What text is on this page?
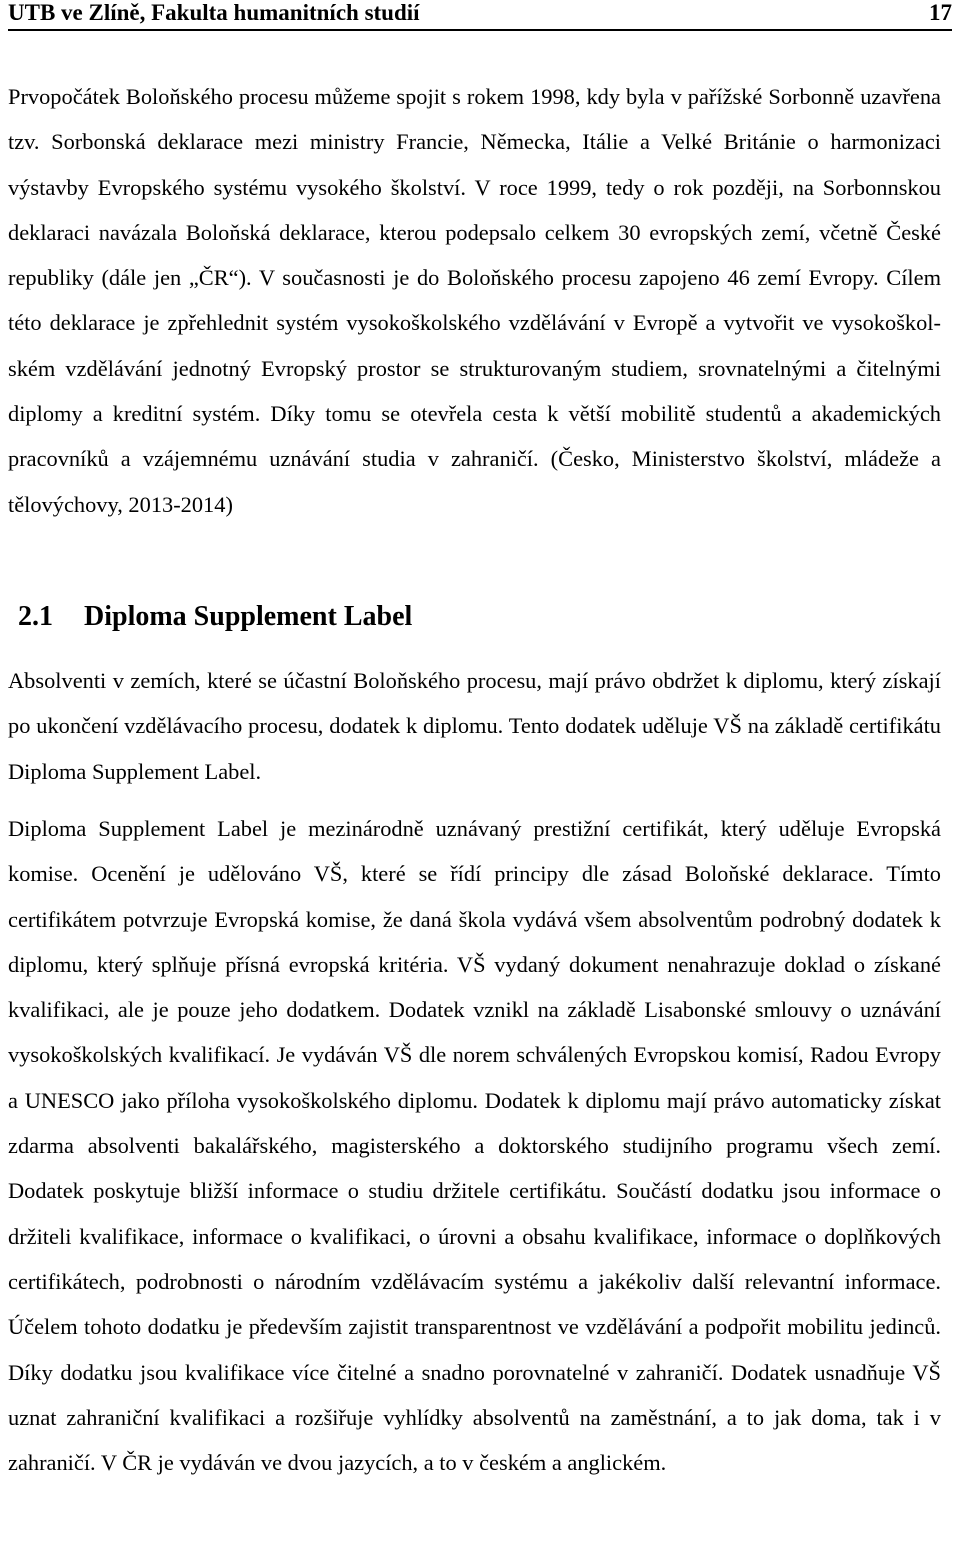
UTB ve Zlíně, Fakulta humanitních studií	17

Prvopočátek Boloňského procesu můžeme spojit s rokem 1998, kdy byla v pařížské Sorbonně uzavřena tzv. Sorbonská deklarace mezi ministry Francie, Německa, Itálie a Velké Británie o harmonizaci výstavby Evropského systému vysokého školství. V roce 1999, tedy o rok později, na Sorbonnskou deklaraci navázala Boloňská deklarace, kterou podepsalo celkem 30 evropských zemí, včetně České republiky (dále jen „ČR“). V současnosti je do Boloňského procesu zapojeno 46 zemí Evropy. Cílem této deklarace je zpřehlednit systém vysokoškolského vzdělávání v Evropě a vytvořit ve vysokoškolském vzdělávání jednotný Evropský prostor se strukturovaným studiem, srovnatelnými a čitelnými diplomy a kreditní systém. Díky tomu se otevřela cesta k větší mobilitě studentů a akademických pracovníků a vzájemnému uznávání studia v zahraničí. (Česko, Ministerstvo školství, mládeže a tělovýchovy, 2013-2014)

2.1 Diploma Supplement Label

Absolventi v zemích, které se účastní Boloňského procesu, mají právo obdržet k diplomu, který získají po ukončení vzdělávacího procesu, dodatek k diplomu. Tento dodatek uděluje VŠ na základě certifikátu Diploma Supplement Label.

Diploma Supplement Label je mezinárodně uznávaný prestižní certifikát, který uděluje Evropská komise. Ocenění je udělováno VŠ, které se řídí principy dle zásad Boloňské deklarace. Tímto certifikátem potvrzuje Evropská komise, že daná škola vydává všem absolventům podrobný dodatek k diplomu, který splňuje přísná evropská kritéria. VŠ vydaný dokument nenahrazuje doklad o získané kvalifikaci, ale je pouze jeho dodatkem. Dodatek vznikl na základě Lisabonské smlouvy o uznávání vysokoškolských kvalifikací. Je vydáván VŠ dle norem schválených Evropskou komisí, Radou Evropy a UNESCO jako příloha vysokoškolského diplomu. Dodatek k diplomu mají právo automaticky získat zdarma absolventi bakalářského, magisterského a doktorského studijního programu všech zemí. Dodatek poskytuje bližší informace o studiu držitele certifikátu. Součástí dodatku jsou informace o držiteli kvalifikace, informace o kvalifikaci, o úrovni a obsahu kvalifikace, informace o doplňkových certifikátech, podrobnosti o národním vzdělávacím systému a jakékoliv další relevantní informace. Účelem tohoto dodatku je především zajistit transparentnost ve vzdělávání a podpořit mobilitu jedinců. Díky dodatku jsou kvalifikace více čitelné a snadno porovnatelné v zahraničí. Dodatek usnadňuje VŠ uznat zahraniční kvalifikaci a rozšiřuje vyhlídky absolventů na zaměstnání, a to jak doma, tak i v zahraničí. V ČR je vydáván ve dvou jazycích, a to v českém a anglickém.
